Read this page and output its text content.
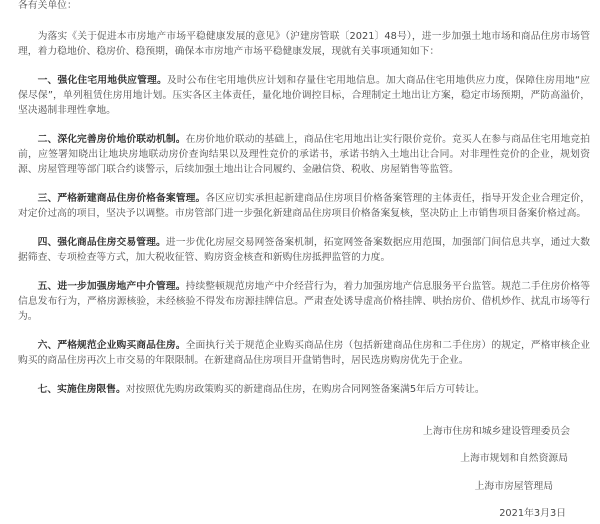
各有关单位：

为落实《关于促进本市房地产市场平稳健康发展的意见》（沪建房管联〔2021〕48号），进一步加强土地市场和商品住房市场管理，着力稳地价、稳房价、稳预期，确保本市房地产市场平稳健康发展，现就有关事项通知如下：

一、强化住宅用地供应管理。及时公布住宅用地供应计划和存量住宅用地信息。加大商品住宅用地供应力度，保障住房用地“应保尽保”，单列租赁住房用地计划。压实各区主体责任，量化地价调控目标，合理制定土地出让方案，稳定市场预期，严防高溢价，坚决遏制非理性拿地。

二、深化完善房价地价联动机制。在房价地价联动的基础上，商品住宅用地出让实行限价竞价。竞买人在参与商品住宅用地竞拍前，应签署知晓出让地块房地联动房价查询结果以及理性竞价的承诺书，承诺书纳入土地出让合同。对非理性竞价的企业，规划资源、房屋管理等部门联合约谈警示，后续加强土地出让合同履约、金融信贷、税收、房屋销售等监管。

三、严格新建商品住房价格备案管理。各区应切实承担起新建商品住房项目价格备案管理的主体责任，指导开发企业合理定价，对定价过高的项目，坚决予以调整。市房管部门进一步强化新建商品住房项目价格备案复核，坚决防止上市销售项目备案价格过高。

四、强化商品住房交易管理。进一步优化房屋交易网签备案机制，拓宽网签备案数据应用范围，加强部门间信息共享，通过大数据筛查、专项检查等方式，加大税收征管、购房资金核查和新购住房抵押监管的力度。

五、进一步加强房地产中介管理。持续整顿规范房地产中介经营行为，着力加强房地产信息服务平台监管。规范二手住房价格等信息发布行为，严格房源核验，未经核验不得发布房源挂牌信息。严肃查处诱导虚高价格挂牌、哄抬房价、借机炒作、扰乱市场等行为。

六、严格规范企业购买商品住房。全面执行关于规范企业购买商品住房（包括新建商品住房和二手住房）的规定，严格审核企业购买的商品住房再次上市交易的年限限制。在新建商品住房项目开盘销售时，居民选房购房优先于企业。

七、实施住房限售。对按照优先购房政策购买的新建商品住房，在购房合同网签备案满5年后方可转让。

上海市住房和城乡建设管理委员会
上海市规划和自然资源局
上海市房屋管理局
2021年3月3日
